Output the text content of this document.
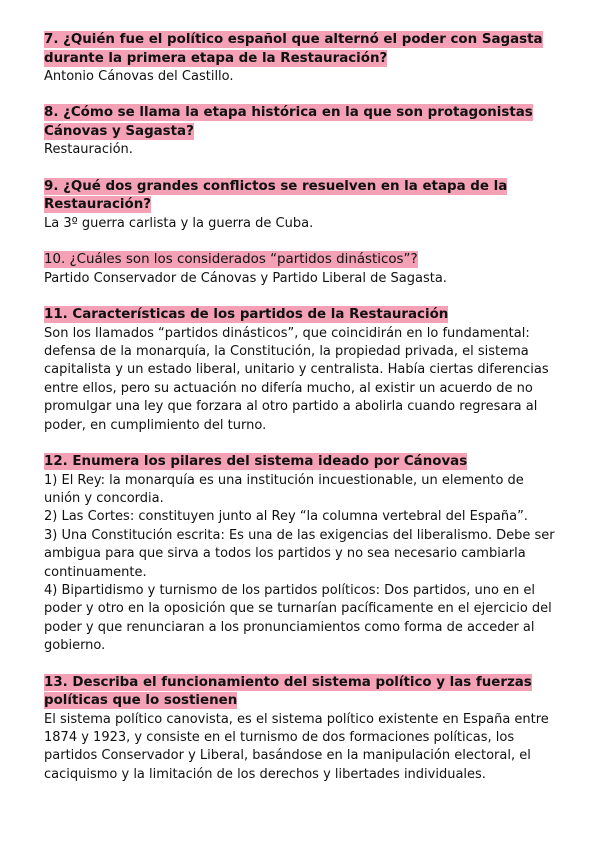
7. ¿Quién fue el político español que alternó el poder con Sagasta durante la primera etapa de la Restauración?

Antonio Cánovas del Castillo.

8. ¿Cómo se llama la etapa histórica en la que son protagonistas Cánovas y Sagasta?

Restauración.

9. ¿Qué dos grandes conflictos se resuelven en la etapa de la Restauración?

La 3º guerra carlista y la guerra de Cuba.

10. ¿Cuáles son los considerados “partidos dinásticos”?

Partido Conservador de Cánovas y Partido Liberal de Sagasta.

11. Características de los partidos de la Restauración

Son los llamados “partidos dinásticos”, que coincidirán en lo fundamental: defensa de la monarquía, la Constitución, la propiedad privada, el sistema capitalista y un estado liberal, unitario y centralista. Había ciertas diferencias entre ellos, pero su actuación no difería mucho, al existir un acuerdo de no promulgar una ley que forzara al otro partido a abolirla cuando regresara al poder, en cumplimiento del turno.

12. Enumera los pilares del sistema ideado por Cánovas

1) El Rey: la monarquía es una institución incuestionable, un elemento de unión y concordia.
2) Las Cortes: constituyen junto al Rey “la columna vertebral del España”.
3) Una Constitución escrita: Es una de las exigencias del liberalismo. Debe ser ambigua para que sirva a todos los partidos y no sea necesario cambiarla continuamente.
4) Bipartidismo y turnismo de los partidos políticos: Dos partidos, uno en el poder y otro en la oposición que se turnarían pacíficamente en el ejercicio del poder y que renunciaran a los pronunciamientos como forma de acceder al gobierno.

13. Describa el funcionamiento del sistema político y las fuerzas políticas que lo sostienen

El sistema político canovista, es el sistema político existente en España entre 1874 y 1923, y consiste en el turnismo de dos formaciones políticas, los partidos Conservador y Liberal, basándose en la manipulación electoral, el caciquismo y la limitación de los derechos y libertades individuales.
